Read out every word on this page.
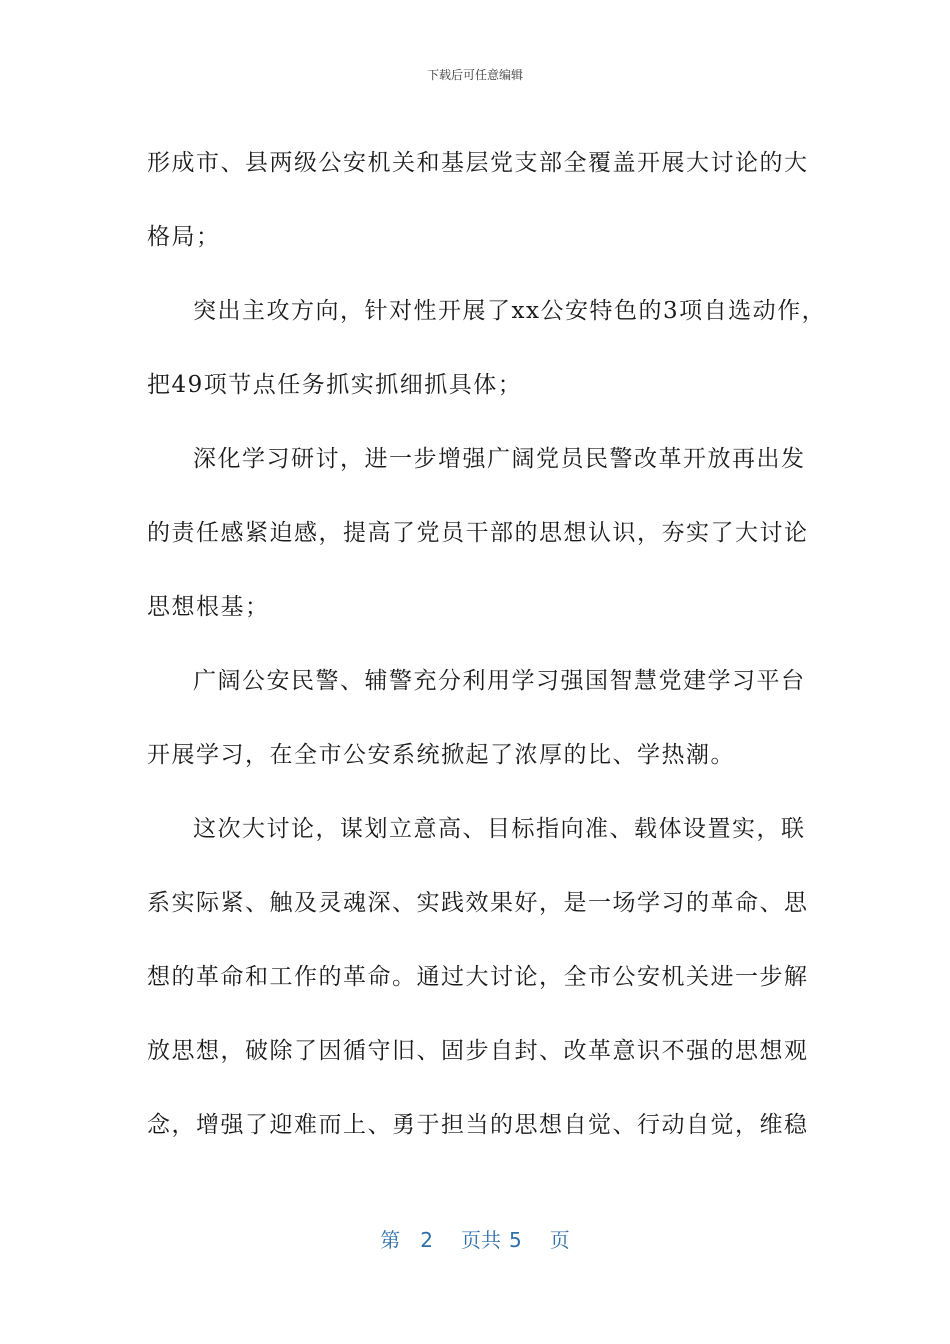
下载后可任意编辑
形成市、县两级公安机关和基层党支部全覆盖开展大讨论的大
格局；
突出主攻方向，针对性开展了xx公安特色的3项自选动作，
把49项节点任务抓实抓细抓具体；
深化学习研讨，进一步增强广阔党员民警改革开放再出发
的责任感紧迫感，提高了党员干部的思想认识，夯实了大讨论
思想根基；
广阔公安民警、辅警充分利用学习强国智慧党建学习平台
开展学习，在全市公安系统掀起了浓厚的比、学热潮。
这次大讨论，谋划立意高、目标指向准、载体设置实，联
系实际紧、触及灵魂深、实践效果好，是一场学习的革命、思
想的革命和工作的革命。通过大讨论，全市公安机关进一步解
放思想，破除了因循守旧、固步自封、改革意识不强的思想观
念，增强了迎难而上、勇于担当的思想自觉、行动自觉，维稳
第 2 页共 5 页
